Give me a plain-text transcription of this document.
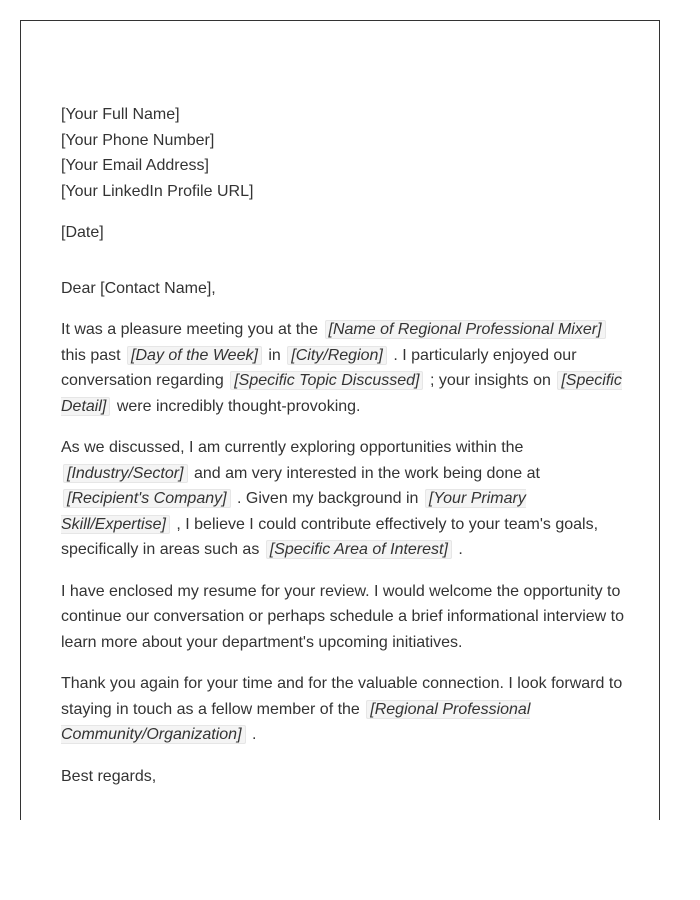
[Your Full Name]
[Your Phone Number]
[Your Email Address]
[Your LinkedIn Profile URL]
[Date]
Dear [Contact Name],

It was a pleasure meeting you at the [Name of Regional Professional Mixer] this past [Day of the Week] in [City/Region] . I particularly enjoyed our conversation regarding [Specific Topic Discussed] ; your insights on [Specific Detail] were incredibly thought-provoking.

As we discussed, I am currently exploring opportunities within the [Industry/Sector] and am very interested in the work being done at [Recipient's Company] . Given my background in [Your Primary Skill/Expertise] , I believe I could contribute effectively to your team's goals, specifically in areas such as [Specific Area of Interest] .

I have enclosed my resume for your review. I would welcome the opportunity to continue our conversation or perhaps schedule a brief informational interview to learn more about your department's upcoming initiatives.

Thank you again for your time and for the valuable connection. I look forward to staying in touch as a fellow member of the [Regional Professional Community/Organization] .

Best regards,
